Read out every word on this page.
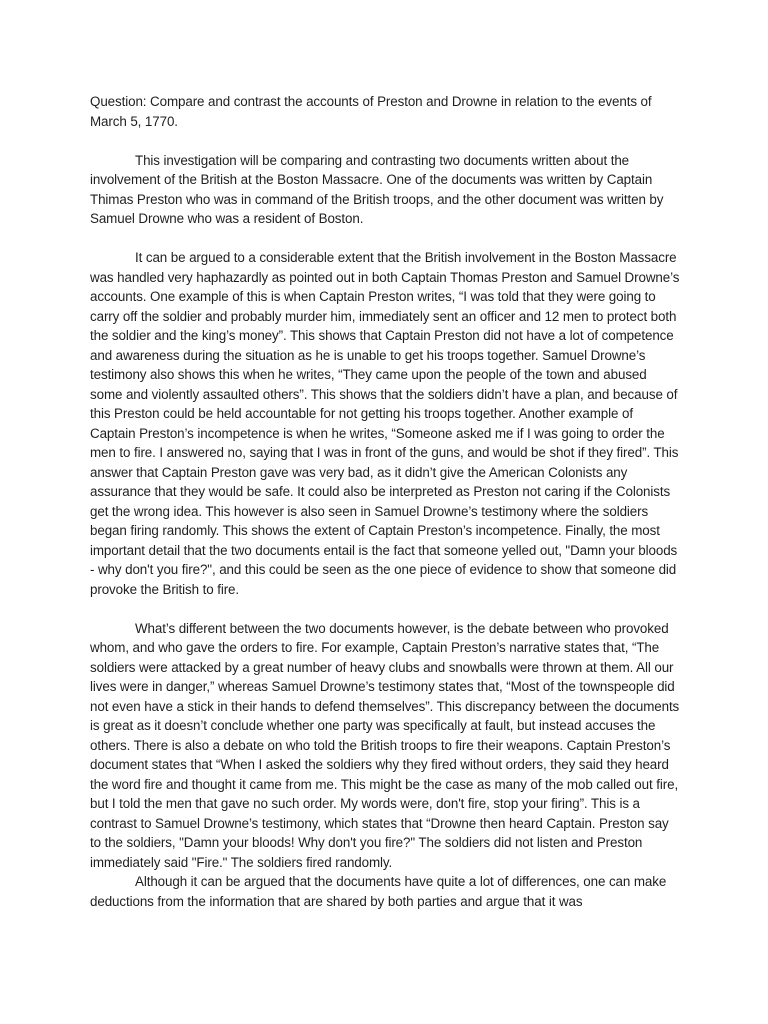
Question: Compare and contrast the accounts of Preston and Drowne in relation to the events of March 5, 1770.

This investigation will be comparing and contrasting two documents written about the involvement of the British at the Boston Massacre. One of the documents was written by Captain Thimas Preston who was in command of the British troops, and the other document was written by Samuel Drowne who was a resident of Boston.

It can be argued to a considerable extent that the British involvement in the Boston Massacre was handled very haphazardly as pointed out in both Captain Thomas Preston and Samuel Drowne’s accounts. One example of this is when Captain Preston writes, “I was told that they were going to carry off the soldier and probably murder him, immediately sent an officer and 12 men to protect both the soldier and the king’s money”. This shows that Captain Preston did not have a lot of competence and awareness during the situation as he is unable to get his troops together. Samuel Drowne’s testimony also shows this when he writes, “They came upon the people of the town and abused some and violently assaulted others”. This shows that the soldiers didn’t have a plan, and because of this Preston could be held accountable for not getting his troops together. Another example of Captain Preston’s incompetence is when he writes, “Someone asked me if I was going to order the men to fire. I answered no, saying that I was in front of the guns, and would be shot if they fired”. This answer that Captain Preston gave was very bad, as it didn’t give the American Colonists any assurance that they would be safe. It could also be interpreted as Preston not caring if the Colonists get the wrong idea. This however is also seen in Samuel Drowne’s testimony where the soldiers began firing randomly. This shows the extent of Captain Preston’s incompetence. Finally, the most important detail that the two documents entail is the fact that someone yelled out, "Damn your bloods - why don't you fire?", and this could be seen as the one piece of evidence to show that someone did provoke the British to fire.

What’s different between the two documents however, is the debate between who provoked whom, and who gave the orders to fire. For example, Captain Preston’s narrative states that, “The soldiers were attacked by a great number of heavy clubs and snowballs were thrown at them. All our lives were in danger,” whereas Samuel Drowne’s testimony states that, “Most of the townspeople did not even have a stick in their hands to defend themselves”. This discrepancy between the documents is great as it doesn’t conclude whether one party was specifically at fault, but instead accuses the others. There is also a debate on who told the British troops to fire their weapons. Captain Preston’s document states that “When I asked the soldiers why they fired without orders, they said they heard the word fire and thought it came from me. This might be the case as many of the mob called out fire, but I told the men that gave no such order. My words were, don't fire, stop your firing”. This is a contrast to Samuel Drowne’s testimony, which states that “Drowne then heard Captain. Preston say to the soldiers, "Damn your bloods! Why don't you fire?" The soldiers did not listen and Preston immediately said "Fire." The soldiers fired randomly.

Although it can be argued that the documents have quite a lot of differences, one can make deductions from the information that are shared by both parties and argue that it was
